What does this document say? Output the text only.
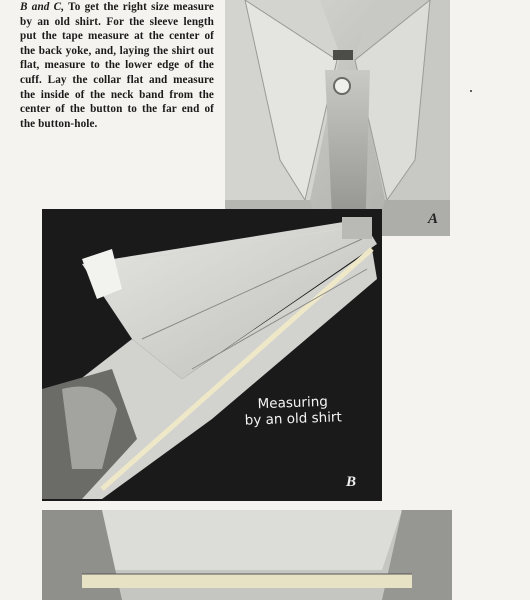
B and C, To get the right size measure by an old shirt. For the sleeve length put the tape measure at the center of the back yoke, and, laying the shirt out flat, measure to the lower edge of the cuff. Lay the collar flat and measure the inside of the neck band from the center of the button to the far end of the button-hole.

A
Measuring
by an old shirt
B
